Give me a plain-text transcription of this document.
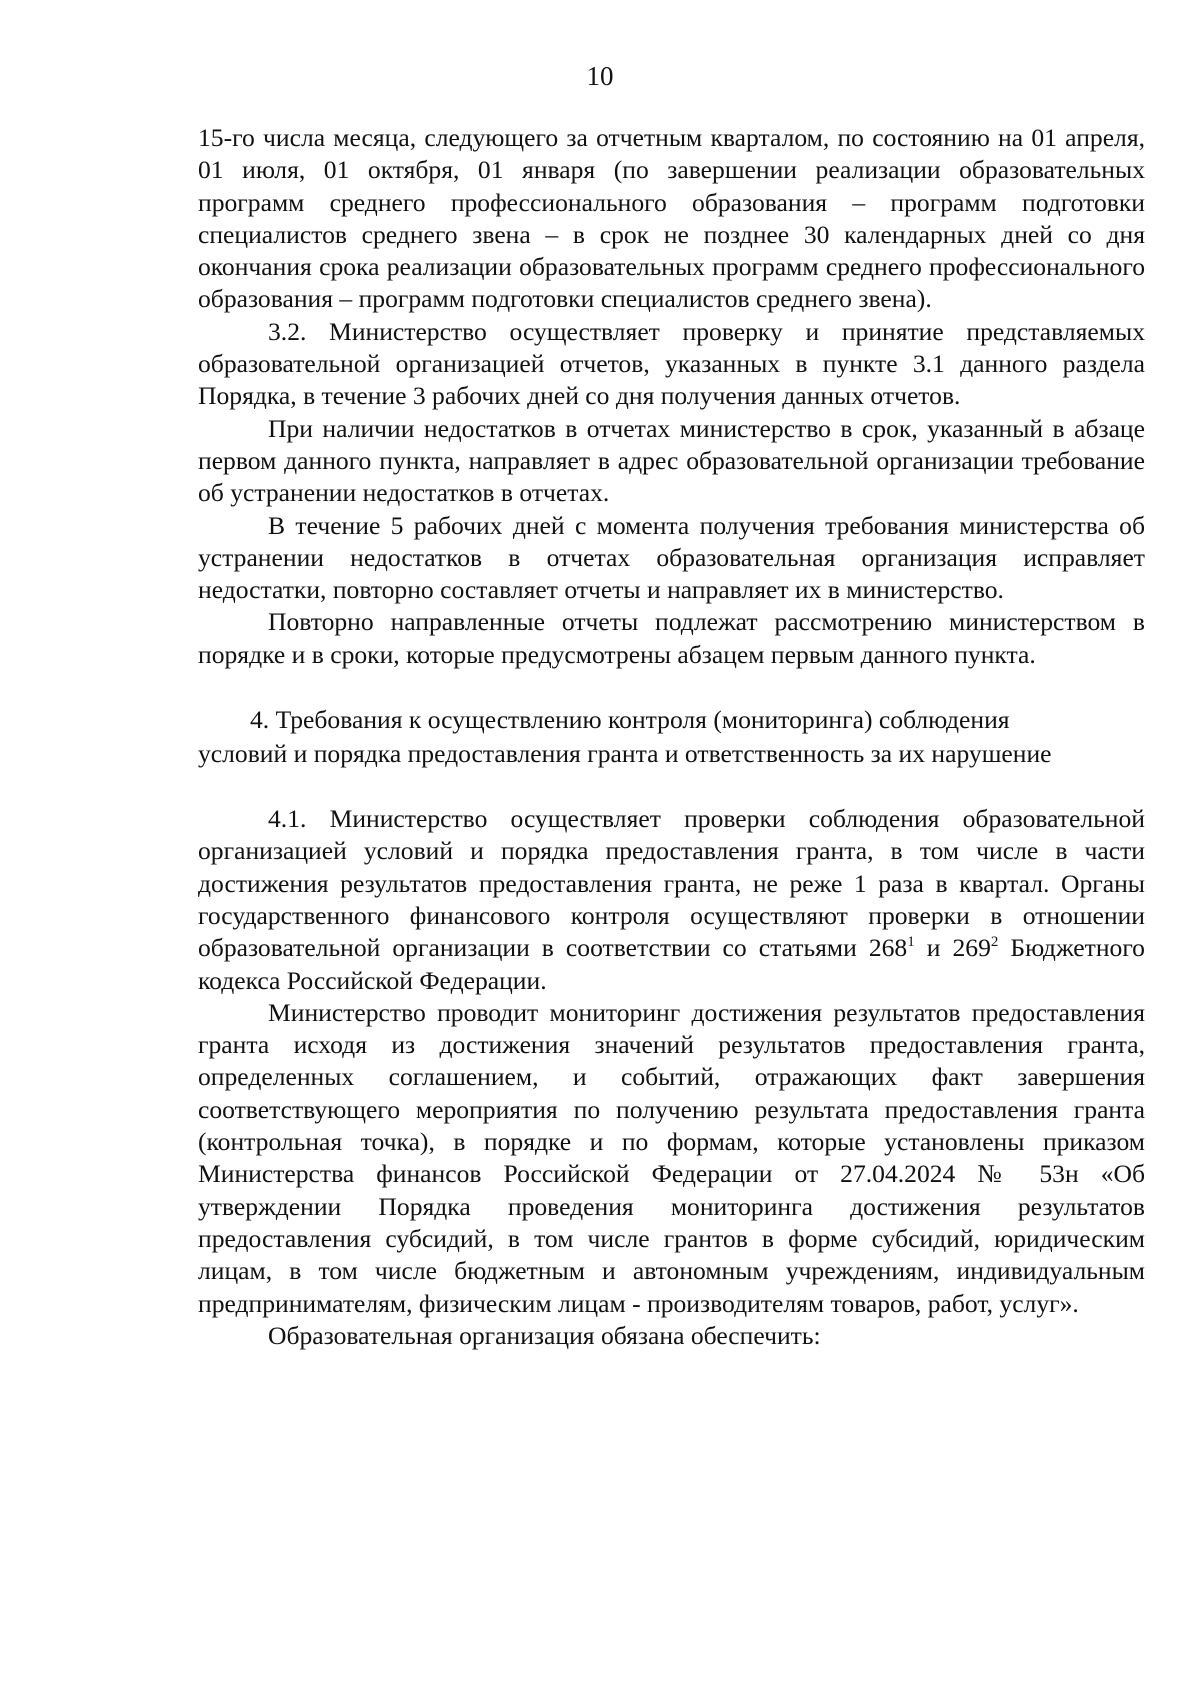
10

15-го числа месяца, следующего за отчетным кварталом, по состоянию на 01 апреля, 01 июля, 01 октября, 01 января (по завершении реализации образовательных программ среднего профессионального образования – программ подготовки специалистов среднего звена – в срок не позднее 30 календарных дней со дня окончания срока реализации образовательных программ среднего профессионального образования – программ подготовки специалистов среднего звена).

3.2. Министерство осуществляет проверку и принятие представляемых образовательной организацией отчетов, указанных в пункте 3.1 данного раздела Порядка, в течение 3 рабочих дней со дня получения данных отчетов.

При наличии недостатков в отчетах министерство в срок, указанный в абзаце первом данного пункта, направляет в адрес образовательной организации требование об устранении недостатков в отчетах.

В течение 5 рабочих дней с момента получения требования министерства об устранении недостатков в отчетах образовательная организация исправляет недостатки, повторно составляет отчеты и направляет их в министерство.

Повторно направленные отчеты подлежат рассмотрению министерством в порядке и в сроки, которые предусмотрены абзацем первым данного пункта.

4. Требования к осуществлению контроля (мониторинга) соблюдения
условий и порядка предоставления гранта и ответственность за их нарушение

4.1. Министерство осуществляет проверки соблюдения образовательной организацией условий и порядка предоставления гранта, в том числе в части достижения результатов предоставления гранта, не реже 1 раза в квартал. Органы государственного финансового контроля осуществляют проверки в отношении образовательной организации в соответствии со статьями $268^1$ и $269^2$ Бюджетного кодекса Российской Федерации.

Министерство проводит мониторинг достижения результатов предоставления гранта исходя из достижения значений результатов предоставления гранта, определенных соглашением, и событий, отражающих факт завершения соответствующего мероприятия по получению результата предоставления гранта (контрольная точка), в порядке и по формам, которые установлены приказом Министерства финансов Российской Федерации от 27.04.2024 № 53н «Об утверждении Порядка проведения мониторинга достижения результатов предоставления субсидий, в том числе грантов в форме субсидий, юридическим лицам, в том числе бюджетным и автономным учреждениям, индивидуальным предпринимателям, физическим лицам - производителям товаров, работ, услуг».

Образовательная организация обязана обеспечить:
